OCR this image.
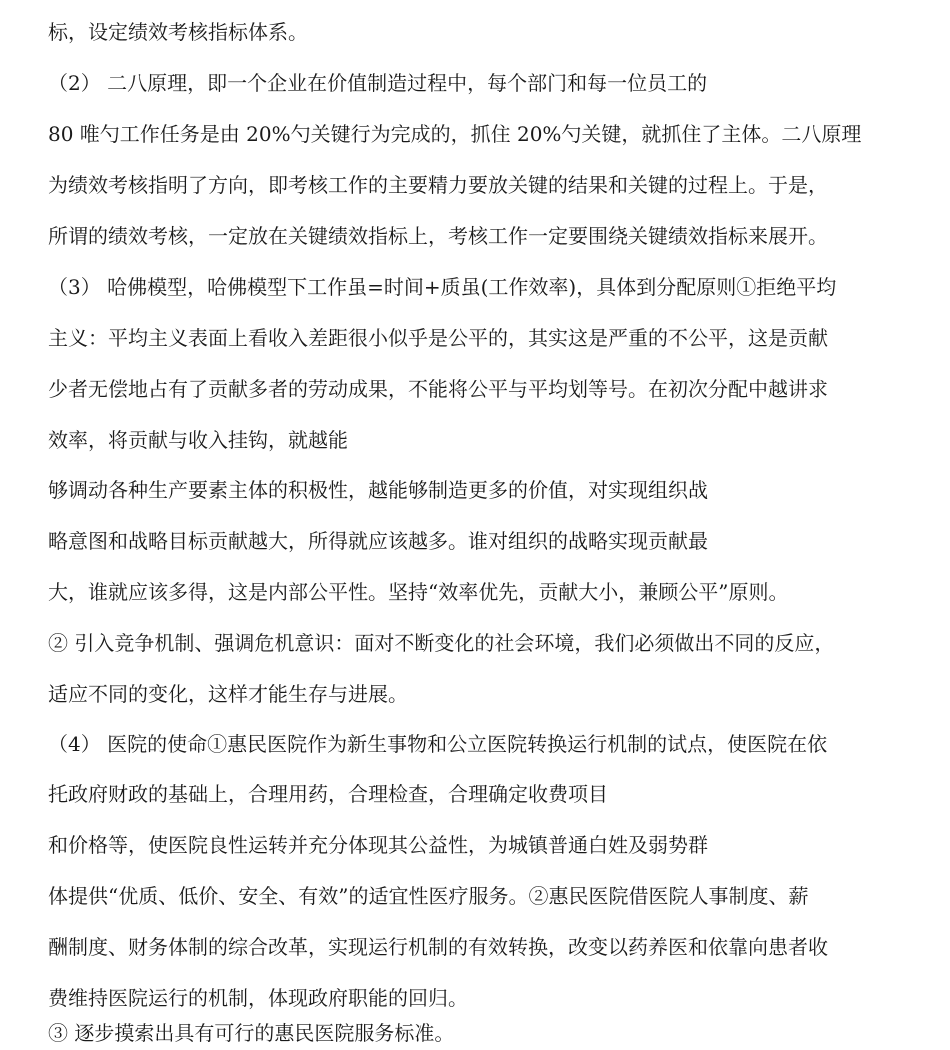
标，设定绩效考核指标体系。
（2） 二八原理，即一个企业在价值制造过程中，每个部门和每一位员工的
80 唯勺工作任务是由 20%勺关键行为完成的，抓住 20%勺关键，就抓住了主体。二八原理
为绩效考核指明了方向，即考核工作的主要精力要放关键的结果和关键的过程上。于是，
所谓的绩效考核，一定放在关键绩效指标上，考核工作一定要围绕关键绩效指标来展开。
（3） 哈佛模型，哈佛模型下工作虽=时间+质虽(工作效率)，具体到分配原则①拒绝平均
主义：平均主义表面上看收入差距很小似乎是公平的，其实这是严重的不公平，这是贡献
少者无偿地占有了贡献多者的劳动成果，不能将公平与平均划等号。在初次分配中越讲求
效率，将贡献与收入挂钩，就越能
够调动各种生产要素主体的积极性，越能够制造更多的价值，对实现组织战
略意图和战略目标贡献越大，所得就应该越多。谁对组织的战略实现贡献最
大，谁就应该多得，这是内部公平性。坚持“效率优先，贡献大小，兼顾公平”原则。
② 引入竞争机制、强调危机意识：面对不断变化的社会环境，我们必须做出不同的反应，
适应不同的变化，这样才能生存与进展。
（4） 医院的使命①惠民医院作为新生事物和公立医院转换运行机制的试点，使医院在依
托政府财政的基础上，合理用药，合理检查，合理确定收费项目
和价格等，使医院良性运转并充分体现其公益性，为城镇普通白姓及弱势群
体提供“优质、低价、安全、有效”的适宜性医疗服务。②惠民医院借医院人事制度、薪
酬制度、财务体制的综合改革，实现运行机制的有效转换，改变以药养医和依靠向患者收
费维持医院运行的机制，体现政府职能的回归。
③ 逐步摸索出具有可行的惠民医院服务标准。
